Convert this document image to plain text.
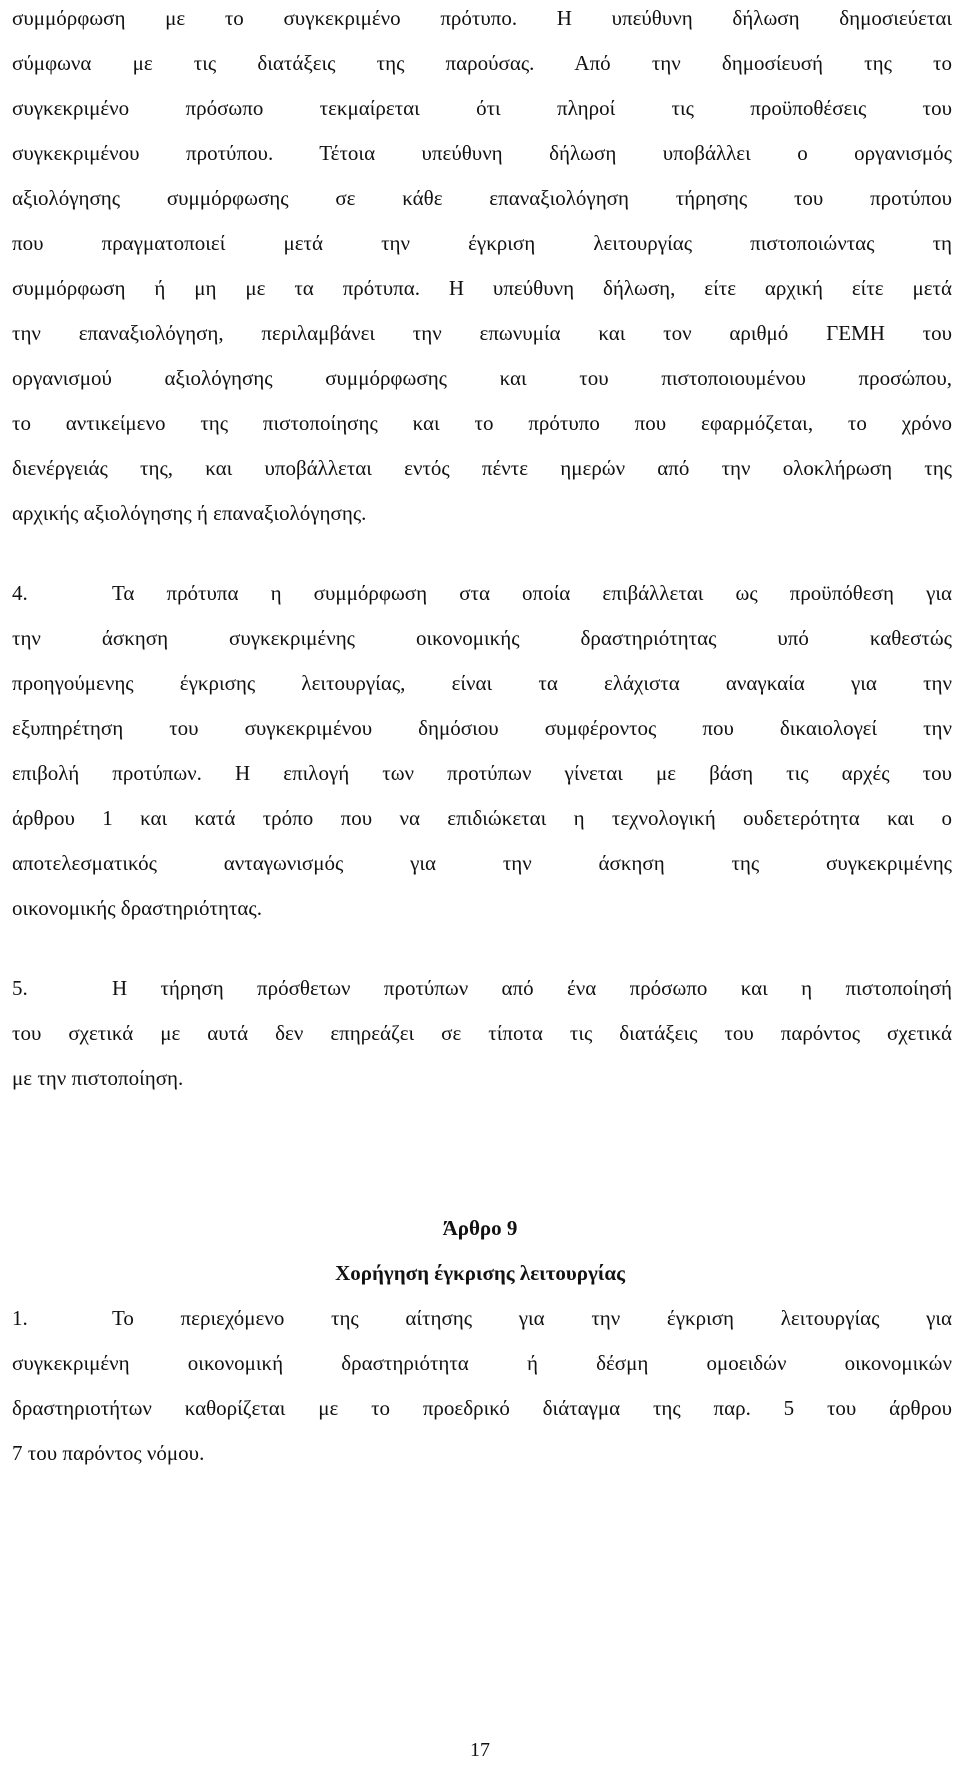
συμμόρφωση με το συγκεκριμένο πρότυπο. Η υπεύθυνη δήλωση δημοσιεύεται
σύμφωνα με τις διατάξεις της παρούσας. Από την δημοσίευσή της το
συγκεκριμένο πρόσωπο τεκμαίρεται ότι πληροί τις προϋποθέσεις του
συγκεκριμένου προτύπου. Τέτοια υπεύθυνη δήλωση υποβάλλει ο οργανισμός
αξιολόγησης συμμόρφωσης σε κάθε επαναξιολόγηση τήρησης του προτύπου
που πραγματοποιεί μετά την έγκριση λειτουργίας πιστοποιώντας τη
συμμόρφωση ή μη με τα πρότυπα. Η υπεύθυνη δήλωση, είτε αρχική είτε μετά
την επαναξιολόγηση, περιλαμβάνει την επωνυμία και τον αριθμό ΓΕΜΗ του
οργανισμού αξιολόγησης συμμόρφωσης και του πιστοποιουμένου προσώπου,
το αντικείμενο της πιστοποίησης και το πρότυπο που εφαρμόζεται, το χρόνο
διενέργειάς της, και υποβάλλεται εντός πέντε ημερών από την ολοκλήρωση της
αρχικής αξιολόγησης ή επαναξιολόγησης.
4.	Τα πρότυπα η συμμόρφωση στα οποία επιβάλλεται ως προϋπόθεση για
την άσκηση συγκεκριμένης οικονομικής δραστηριότητας υπό καθεστώς
προηγούμενης έγκρισης λειτουργίας, είναι τα ελάχιστα αναγκαία για την
εξυπηρέτηση του συγκεκριμένου δημόσιου συμφέροντος που δικαιολογεί την
επιβολή προτύπων. Η επιλογή των προτύπων γίνεται με βάση τις αρχές του
άρθρου 1 και κατά τρόπο που να επιδιώκεται η τεχνολογική ουδετερότητα και ο
αποτελεσματικός ανταγωνισμός για την άσκηση της συγκεκριμένης
οικονομικής δραστηριότητας.
5.	Η τήρηση πρόσθετων προτύπων από ένα πρόσωπο και η πιστοποίησή
του σχετικά με αυτά δεν επηρεάζει σε τίποτα τις διατάξεις του παρόντος σχετικά
με την πιστοποίηση.
Άρθρο 9
Χορήγηση έγκρισης λειτουργίας
1.	Το περιεχόμενο της αίτησης για την έγκριση λειτουργίας για
συγκεκριμένη οικονομική δραστηριότητα ή δέσμη ομοειδών οικονομικών
δραστηριοτήτων καθορίζεται με το προεδρικό διάταγμα της παρ. 5 του άρθρου
7 του παρόντος νόμου.
17
